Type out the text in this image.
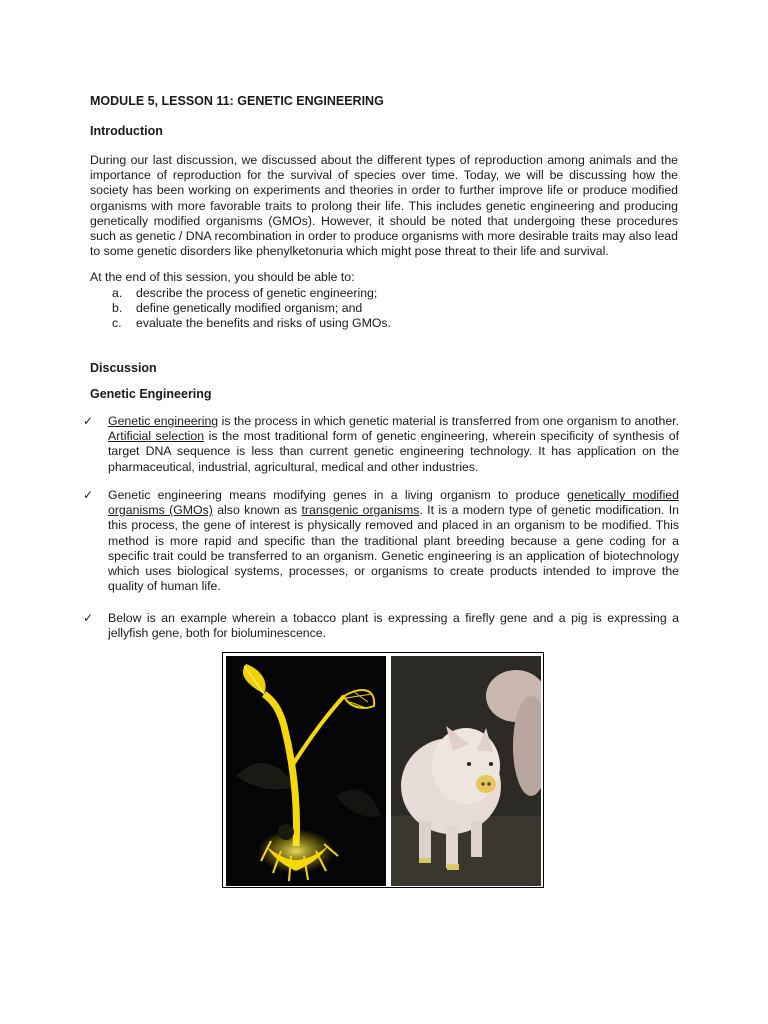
MODULE 5, LESSON 11: GENETIC ENGINEERING
Introduction

During our last discussion, we discussed about the different types of reproduction among animals and the importance of reproduction for the survival of species over time. Today, we will be discussing how the society has been working on experiments and theories in order to further improve life or produce modified organisms with more favorable traits to prolong their life. This includes genetic engineering and producing genetically modified organisms (GMOs). However, it should be noted that undergoing these procedures such as genetic / DNA recombination in order to produce organisms with more desirable traits may also lead to some genetic disorders like phenylketonuria which might pose threat to their life and survival.

At the end of this session, you should be able to:
a. describe the process of genetic engineering;
b. define genetically modified organism; and
c. evaluate the benefits and risks of using GMOs.
Discussion
Genetic Engineering
✓ Genetic engineering is the process in which genetic material is transferred from one organism to another. Artificial selection is the most traditional form of genetic engineering, wherein specificity of synthesis of target DNA sequence is less than current genetic engineering technology. It has application on the pharmaceutical, industrial, agricultural, medical and other industries.
✓ Genetic engineering means modifying genes in a living organism to produce genetically modified organisms (GMOs) also known as transgenic organisms. It is a modern type of genetic modification. In this process, the gene of interest is physically removed and placed in an organism to be modified. This method is more rapid and specific than the traditional plant breeding because a gene coding for a specific trait could be transferred to an organism. Genetic engineering is an application of biotechnology which uses biological systems, processes, or organisms to create products intended to improve the quality of human life.
✓ Below is an example wherein a tobacco plant is expressing a firefly gene and a pig is expressing a jellyfish gene, both for bioluminescence.
